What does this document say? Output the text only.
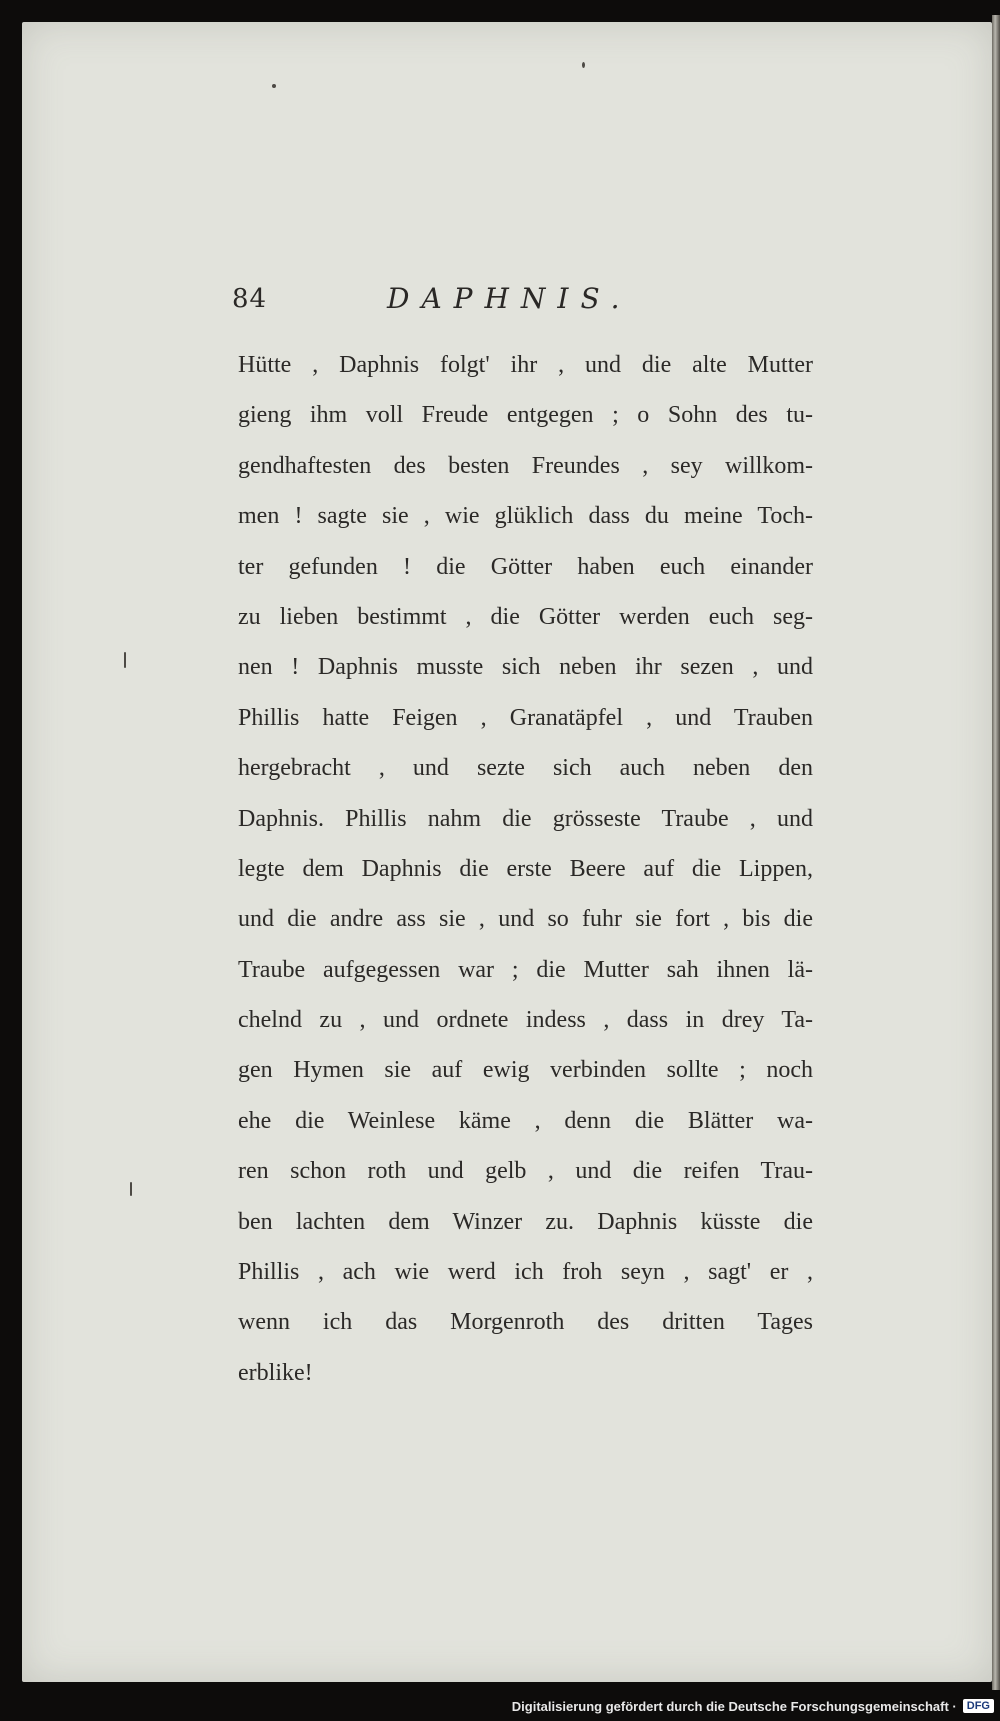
84	DAPHNIS.
Hütte , Daphnis folgt' ihr , und die alte Mutter
gieng ihm voll Freude entgegen ; o Sohn des tu-
gendhaftesten des besten Freundes , sey willkom-
men ! sagte sie , wie glüklich dass du meine Toch-
ter gefunden ! die Götter haben euch einander
zu lieben bestimmt , die Götter werden euch seg-
nen ! Daphnis musste sich neben ihr sezen , und
Phillis hatte Feigen , Granatäpfel , und Trauben
hergebracht , und sezte sich auch neben den
Daphnis. Phillis nahm die grösseste Traube , und
legte dem Daphnis die erste Beere auf die Lippen,
und die andre ass sie , und so fuhr sie fort , bis die
Traube aufgegessen war ; die Mutter sah ihnen lä-
chelnd zu , und ordnete indess , dass in drey Ta-
gen Hymen sie auf ewig verbinden sollte ; noch
ehe die Weinlese käme , denn die Blätter wa-
ren schon roth und gelb , und die reifen Trau-
ben lachten dem Winzer zu. Daphnis küsste die
Phillis , ach wie werd ich froh seyn , sagt' er ,
wenn ich das Morgenroth des dritten Tages
erblike!
Digitalisierung gefördert durch die Deutsche Forschungsgemeinschaft · DFG
